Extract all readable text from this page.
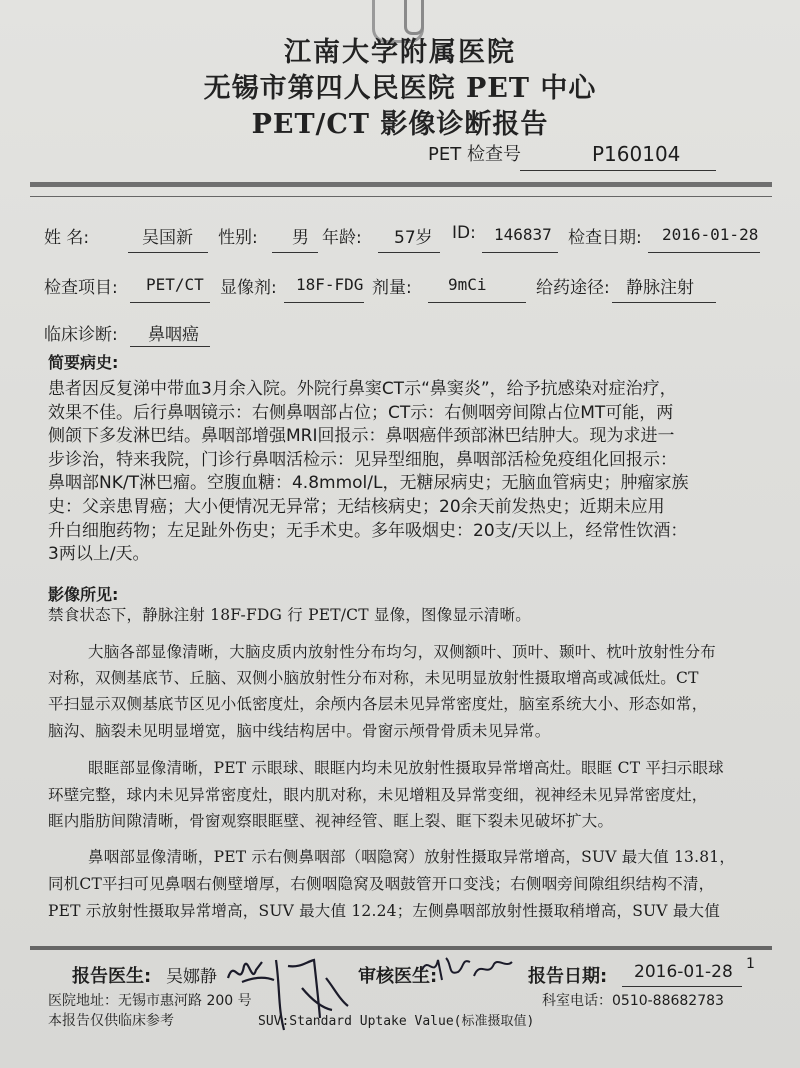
江南大学附属医院
无锡市第四人民医院 PET 中心
PET/CT 影像诊断报告
PET 检查号	P160104
姓 名:	吴国新 性别: 男 年龄: 57岁 ID: 146837 检查日期: 2016-01-28
检查项目: PET/CT 显像剂: 18F-FDG 剂量: 9mCi	给药途径: 静脉注射
临床诊断: 鼻咽癌
简要病史:
患者因反复涕中带血3月余入院。外院行鼻窦CT示“鼻窦炎”，给予抗感染对症治疗，
效果不佳。后行鼻咽镜示：右侧鼻咽部占位；CT示：右侧咽旁间隙占位MT可能，两
侧颌下多发淋巴结。鼻咽部增强MRI回报示：鼻咽癌伴颈部淋巴结肿大。现为求进一
步诊治，特来我院，门诊行鼻咽活检示：见异型细胞，鼻咽部活检免疫组化回报示：
鼻咽部NK/T淋巴瘤。空腹血糖：4.8mmol/L，无糖尿病史；无脑血管病史；肿瘤家族
史：父亲患胃癌；大小便情况无异常；无结核病史；20余天前发热史；近期未应用
升白细胞药物；左足趾外伤史；无手术史。多年吸烟史：20支/天以上，经常性饮酒：
3两以上/天。
影像所见:
禁食状态下，静脉注射 18F-FDG 行 PET/CT 显像，图像显示清晰。
大脑各部显像清晰，大脑皮质内放射性分布均匀，双侧额叶、顶叶、颞叶、枕叶放射性分布
对称，双侧基底节、丘脑、双侧小脑放射性分布对称，未见明显放射性摄取增高或减低灶。CT
平扫显示双侧基底节区见小低密度灶，余颅内各层未见异常密度灶，脑室系统大小、形态如常，
脑沟、脑裂未见明显增宽，脑中线结构居中。骨窗示颅骨骨质未见异常。
眼眶部显像清晰，PET 示眼球、眼眶内均未见放射性摄取异常增高灶。眼眶 CT 平扫示眼球
环壁完整，球内未见异常密度灶，眼内肌对称，未见增粗及异常变细，视神经未见异常密度灶，
眶内脂肪间隙清晰，骨窗观察眼眶壁、视神经管、眶上裂、眶下裂未见破坏扩大。
鼻咽部显像清晰，PET 示右侧鼻咽部（咽隐窝）放射性摄取异常增高，SUV 最大值 13.81，
同机CT平扫可见鼻咽右侧壁增厚，右侧咽隐窝及咽鼓管开口变浅；右侧咽旁间隙组织结构不清，
PET 示放射性摄取异常增高，SUV 最大值 12.24；左侧鼻咽部放射性摄取稍增高，SUV 最大值
报告医生: 吴娜静	审核医生:	报告日期: 2016-01-28 1
医院地址：无锡市惠河路 200 号	科室电话：0510-88682783
本报告仅供临床参考	SUV:Standard Uptake Value(标准摄取值)
